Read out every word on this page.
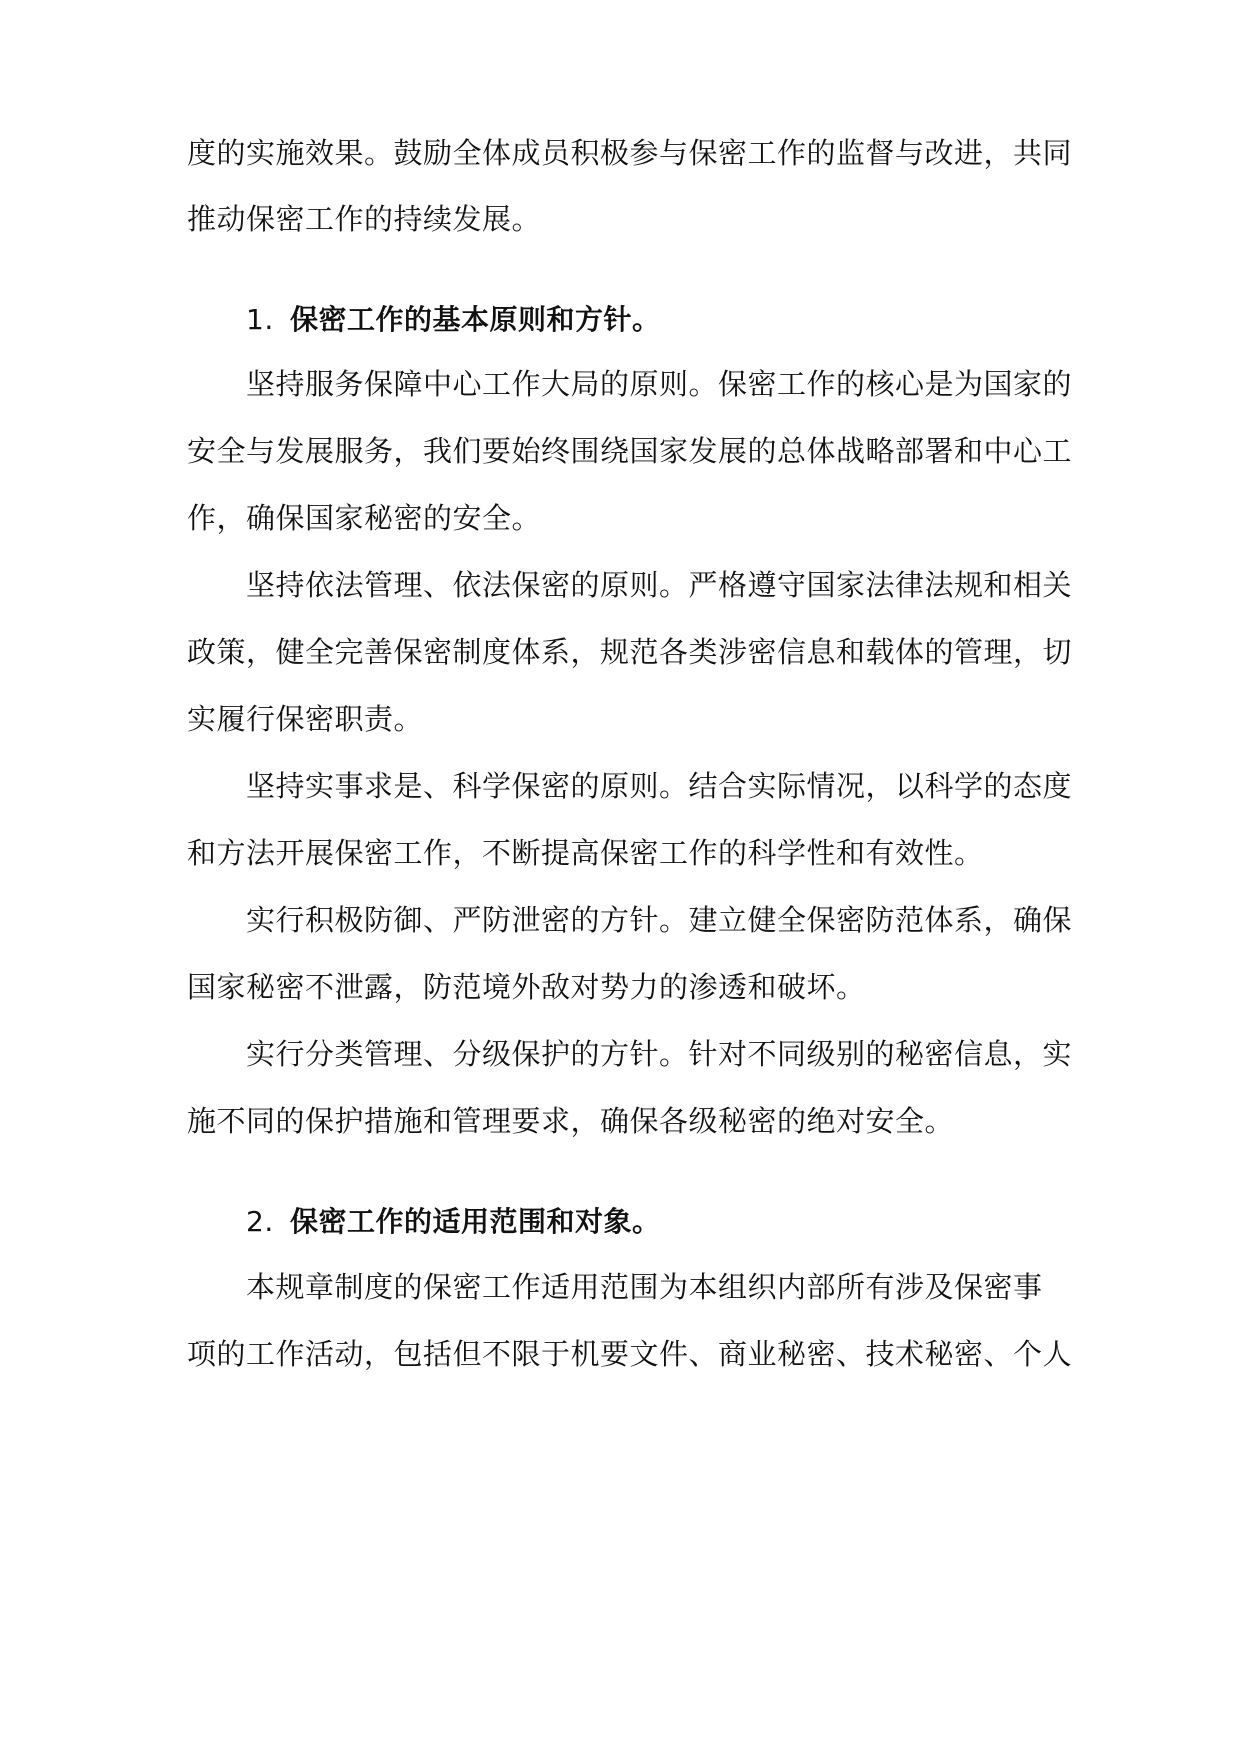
度的实施效果。鼓励全体成员积极参与保密工作的监督与改进，共同
推动保密工作的持续发展。
1. 保密工作的基本原则和方针。
坚持服务保障中心工作大局的原则。保密工作的核心是为国家的
安全与发展服务，我们要始终围绕国家发展的总体战略部署和中心工
作，确保国家秘密的安全。
坚持依法管理、依法保密的原则。严格遵守国家法律法规和相关
政策，健全完善保密制度体系，规范各类涉密信息和载体的管理，切
实履行保密职责。
坚持实事求是、科学保密的原则。结合实际情况，以科学的态度
和方法开展保密工作，不断提高保密工作的科学性和有效性。
实行积极防御、严防泄密的方针。建立健全保密防范体系，确保
国家秘密不泄露，防范境外敌对势力的渗透和破坏。
实行分类管理、分级保护的方针。针对不同级别的秘密信息，实
施不同的保护措施和管理要求，确保各级秘密的绝对安全。
2. 保密工作的适用范围和对象。
本规章制度的保密工作适用范围为本组织内部所有涉及保密事
项的工作活动，包括但不限于机要文件、商业秘密、技术秘密、个人
